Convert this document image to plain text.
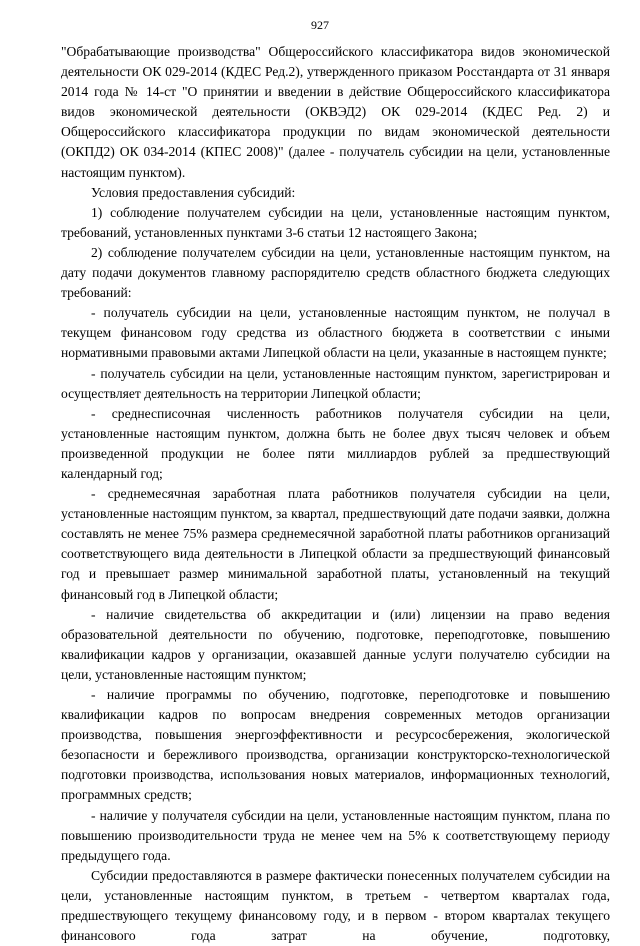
927

"Обрабатывающие производства" Общероссийского классификатора видов экономической деятельности ОК 029-2014 (КДЕС Ред.2), утвержденного приказом Росстандарта от 31 января 2014 года № 14-ст "О принятии и введении в действие Общероссийского классификатора видов экономической деятельности (ОКВЭД2) ОК 029-2014 (КДЕС Ред. 2) и Общероссийского классификатора продукции по видам экономической деятельности (ОКПД2) ОК 034-2014 (КПЕС 2008)" (далее - получатель субсидии на цели, установленные настоящим пунктом).

Условия предоставления субсидий:

1) соблюдение получателем субсидии на цели, установленные настоящим пунктом, требований, установленных пунктами 3-6 статьи 12 настоящего Закона;

2) соблюдение получателем субсидии на цели, установленные настоящим пунктом, на дату подачи документов главному распорядителю средств областного бюджета следующих требований:

- получатель субсидии на цели, установленные настоящим пунктом, не получал в текущем финансовом году средства из областного бюджета в соответствии с иными нормативными правовыми актами Липецкой области на цели, указанные в настоящем пункте;

- получатель субсидии на цели, установленные настоящим пунктом, зарегистрирован и осуществляет деятельность на территории Липецкой области;

- среднесписочная численность работников получателя субсидии на цели, установленные настоящим пунктом, должна быть не более двух тысяч человек и объем произведенной продукции не более пяти миллиардов рублей за предшествующий календарный год;

- среднемесячная заработная плата работников получателя субсидии на цели, установленные настоящим пунктом, за квартал, предшествующий дате подачи заявки, должна составлять не менее 75% размера среднемесячной заработной платы работников организаций соответствующего вида деятельности в Липецкой области за предшествующий финансовый год и превышает размер минимальной заработной платы, установленный на текущий финансовый год в Липецкой области;

- наличие свидетельства об аккредитации и (или) лицензии на право ведения образовательной деятельности по обучению, подготовке, переподготовке, повышению квалификации кадров у организации, оказавшей данные услуги получателю субсидии на цели, установленные настоящим пунктом;

- наличие программы по обучению, подготовке, переподготовке и повышению квалификации кадров по вопросам внедрения современных методов организации производства, повышения энергоэффективности и ресурсосбережения, экологической безопасности и бережливого производства, организации конструкторско-технологической подготовки производства, использования новых материалов, информационных технологий, программных средств;

- наличие у получателя субсидии на цели, установленные настоящим пунктом, плана по повышению производительности труда не менее чем на 5% к соответствующему периоду предыдущего года.

Субсидии предоставляются в размере фактически понесенных получателем субсидии на цели, установленные настоящим пунктом, в третьем - четвертом кварталах года, предшествующего текущему финансовому году, и в первом - втором кварталах текущего финансового года затрат на обучение, подготовку,
